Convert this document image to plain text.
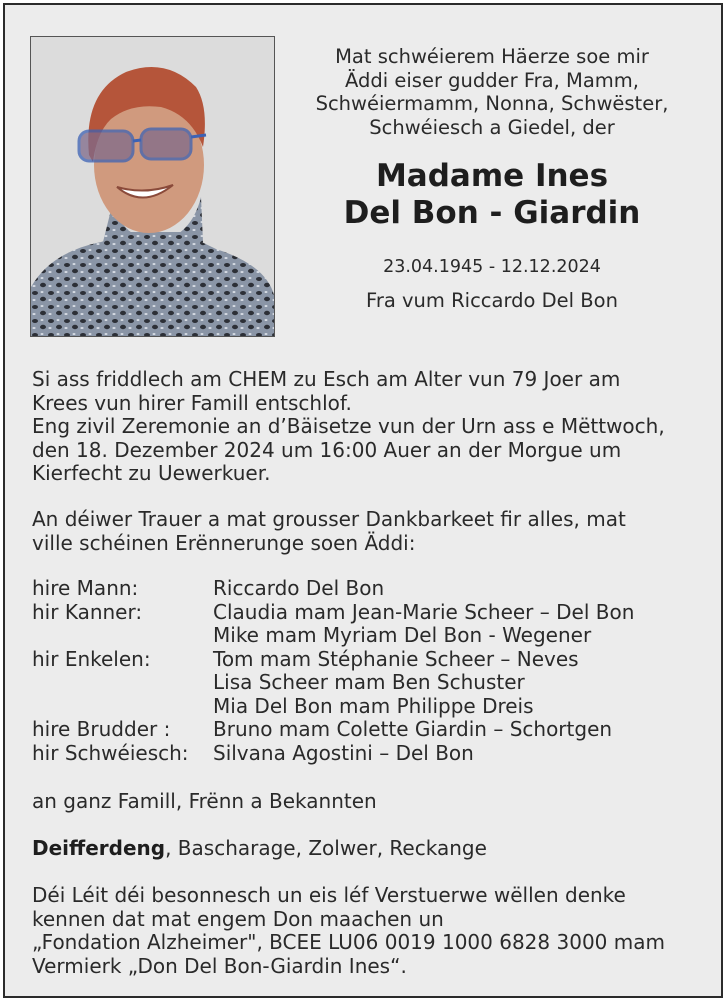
Mat schwéierem Häerze soe mir
Äddi eiser gudder Fra, Mamm,
Schwéiermamm, Nonna, Schwëster,
Schwéiesch a Giedel, der
Madame Ines
Del Bon - Giardin
23.04.1945 - 12.12.2024
Fra vum Riccardo Del Bon
Si ass friddlech am CHEM zu Esch am Alter vun 79 Joer am
Krees vun hirer Famill entschlof.
Eng zivil Zeremonie an d’Bäisetze vun der Urn ass e Mëttwoch,
den 18. Dezember 2024 um 16:00 Auer an der Morgue um
Kierfecht zu Uewerkuer.
An déiwer Trauer a mat grousser Dankbarkeet fir alles, mat
ville schéinen Erënnerunge soen Äddi:
hire Mann:	Riccardo Del Bon
hir Kanner:	Claudia mam Jean-Marie Scheer – Del Bon
Mike mam Myriam Del Bon - Wegener
hir Enkelen:	Tom mam Stéphanie Scheer – Neves
Lisa Scheer mam Ben Schuster
Mia Del Bon mam Philippe Dreis
hire Brudder :	Bruno mam Colette Giardin – Schortgen
hir Schwéiesch:	Silvana Agostini – Del Bon
an ganz Famill, Frënn a Bekannten
Deifferdeng, Bascharage, Zolwer, Reckange
Déi Léit déi besonnesch un eis léf Verstuerwe wëllen denke
kennen dat mat engem Don maachen un
„Fondation Alzheimer", BCEE LU06 0019 1000 6828 3000 mam
Vermierk „Don Del Bon-Giardin Ines“.
